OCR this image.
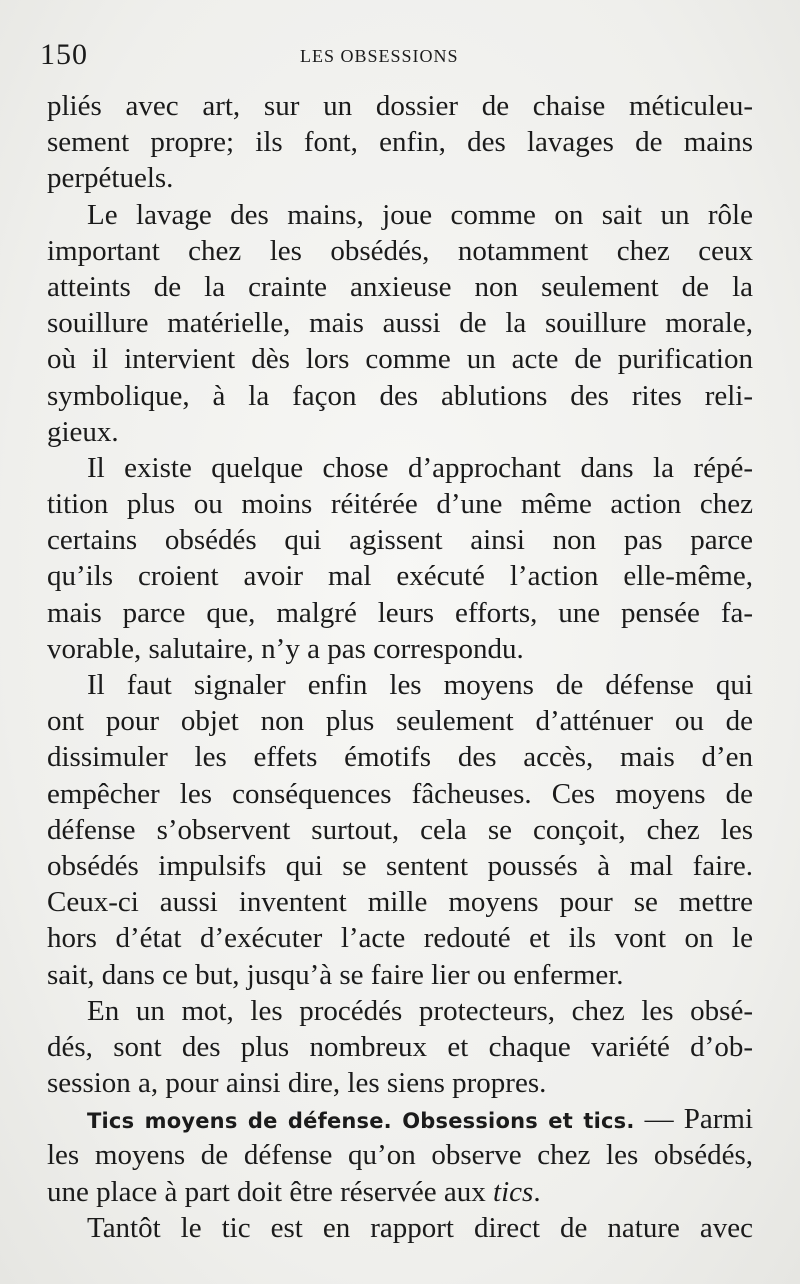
150	LES OBSESSIONS
pliés avec art, sur un dossier de chaise méticuleu-
sement propre; ils font, enfin, des lavages de mains
perpétuels.
Le lavage des mains, joue comme on sait un rôle
important chez les obsédés, notamment chez ceux
atteints de la crainte anxieuse non seulement de la
souillure matérielle, mais aussi de la souillure morale,
où il intervient dès lors comme un acte de purification
symbolique, à la façon des ablutions des rites reli-
gieux.
Il existe quelque chose d’approchant dans la répé-
tition plus ou moins réitérée d’une même action chez
certains obsédés qui agissent ainsi non pas parce
qu’ils croient avoir mal exécuté l’action elle-même,
mais parce que, malgré leurs efforts, une pensée fa-
vorable, salutaire, n’y a pas correspondu.
Il faut signaler enfin les moyens de défense qui
ont pour objet non plus seulement d’atténuer ou de
dissimuler les effets émotifs des accès, mais d’en
empêcher les conséquences fâcheuses. Ces moyens de
défense s’observent surtout, cela se conçoit, chez les
obsédés impulsifs qui se sentent poussés à mal faire.
Ceux-ci aussi inventent mille moyens pour se mettre
hors d’état d’exécuter l’acte redouté et ils vont on le
sait, dans ce but, jusqu’à se faire lier ou enfermer.
En un mot, les procédés protecteurs, chez les obsé-
dés, sont des plus nombreux et chaque variété d’ob-
session a, pour ainsi dire, les siens propres.
Tics moyens de défense. Obsessions et tics. — Parmi
les moyens de défense qu’on observe chez les obsédés,
une place à part doit être réservée aux tics.
Tantôt le tic est en rapport direct de nature avec
